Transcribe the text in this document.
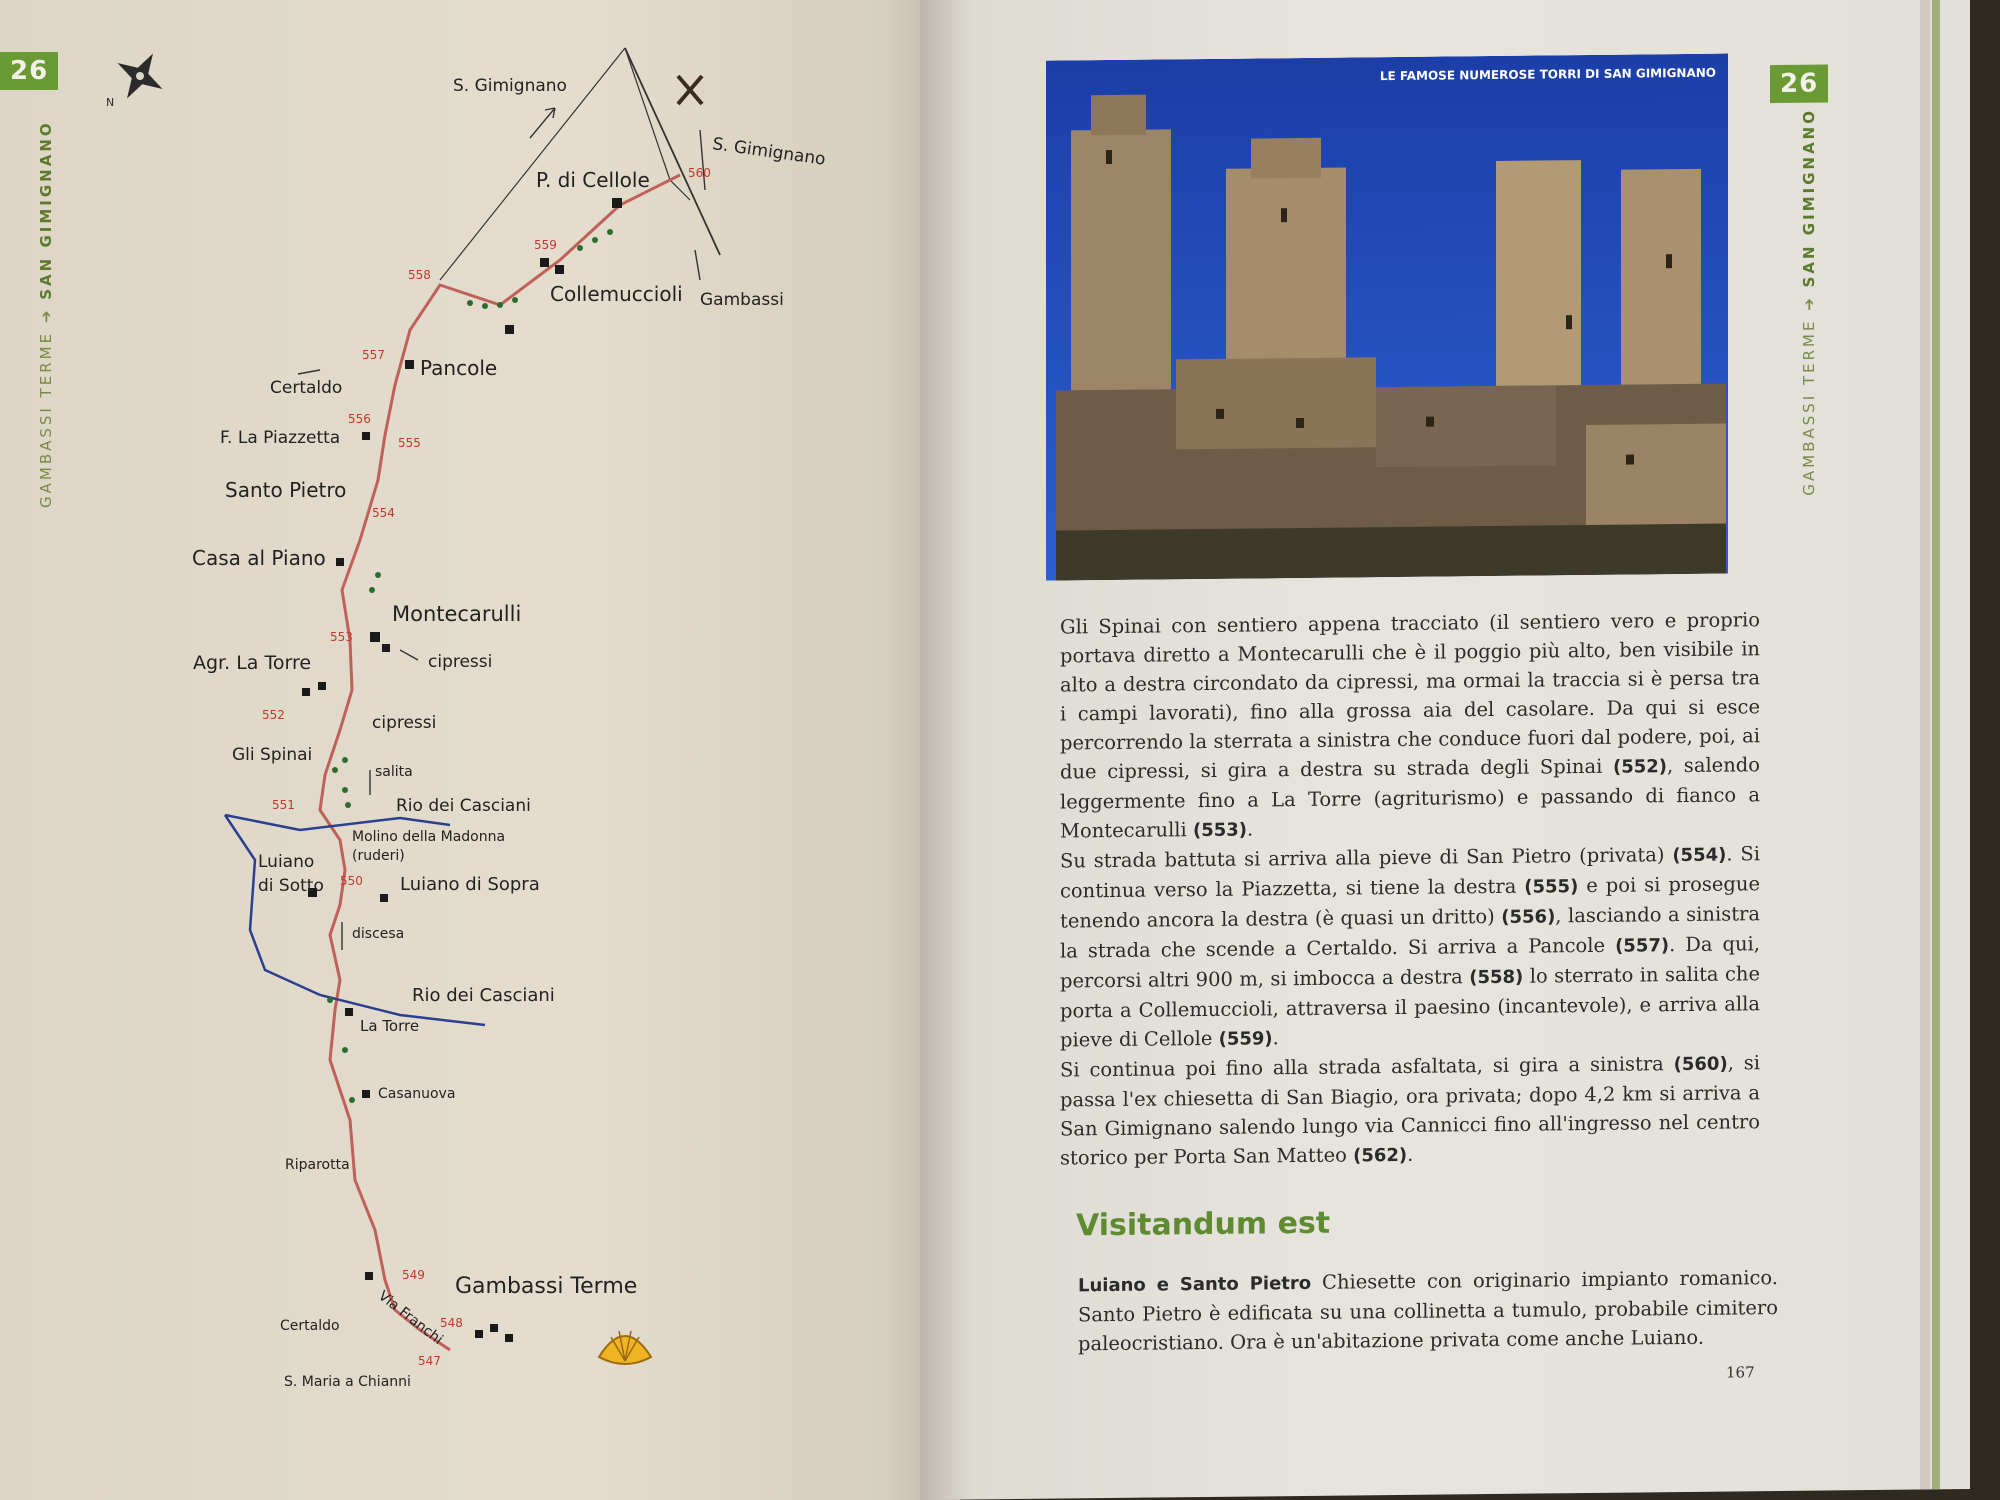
26
GAMBASSI TERME ➔ SAN GIMIGNANO
N
S. Gimignano
S. Gimignano
P. di Cellole
Collemuccioli Gambassi
Pancole
Certaldo
F. La Piazzetta
Santo Pietro
Casa al Piano
Montecarulli
cipressi
Agr. La Torre
cipressi
Gli Spinai
salita
Rio dei Casciani
Molino della Madonna
(ruderi)
Luiano
di Sotto	Luiano di Sopra
discesa
Rio dei Casciani
La Torre
Casanuova
Riparotta
Gambassi Terme
Via Franchi
Certaldo
S. Maria a Chianni
560
559
558
557
556
555
554
553
552
551
550
549
548
547
LE FAMOSE NUMEROSE TORRI DI SAN GIMIGNANO	26
GAMBASSI TERME ➔ SAN GIMIGNANO

Gli Spinai con sentiero appena tracciato (il sentiero vero e proprio portava diretto a Montecarulli che è il poggio più alto, ben visibile in alto a destra circondato da cipressi, ma ormai la traccia si è persa tra i campi lavorati), fino alla grossa aia del casolare. Da qui si esce percorrendo la sterrata a sinistra che conduce fuori dal podere, poi, ai due cipressi, si gira a destra su strada degli Spinai (552), salendo leggermente fino a La Torre (agriturismo) e passando di fianco a Montecarulli (553).

Su strada battuta si arriva alla pieve di San Pietro (privata) (554). Si continua verso la Piazzetta, si tiene la destra (555) e poi si prosegue tenendo ancora la destra (è quasi un dritto) (556), lasciando a sinistra la strada che scende a Certaldo. Si arriva a Pancole (557). Da qui, percorsi altri 900 m, si imbocca a destra (558) lo sterrato in salita che porta a Collemuccioli, attraversa il paesino (incantevole), e arriva alla pieve di Cellole (559).

Si continua poi fino alla strada asfaltata, si gira a sinistra (560), si passa l'ex chiesetta di San Biagio, ora privata; dopo 4,2 km si arriva a San Gimignano salendo lungo via Cannicci fino all'ingresso nel centro storico per Porta San Matteo (562).

Visitandum est
Luiano e Santo Pietro Chiesette con originario impianto romanico. Santo Pietro è edificata su una collinetta a tumulo, probabile cimitero paleocristiano. Ora è un'abitazione privata come anche Luiano.
167
